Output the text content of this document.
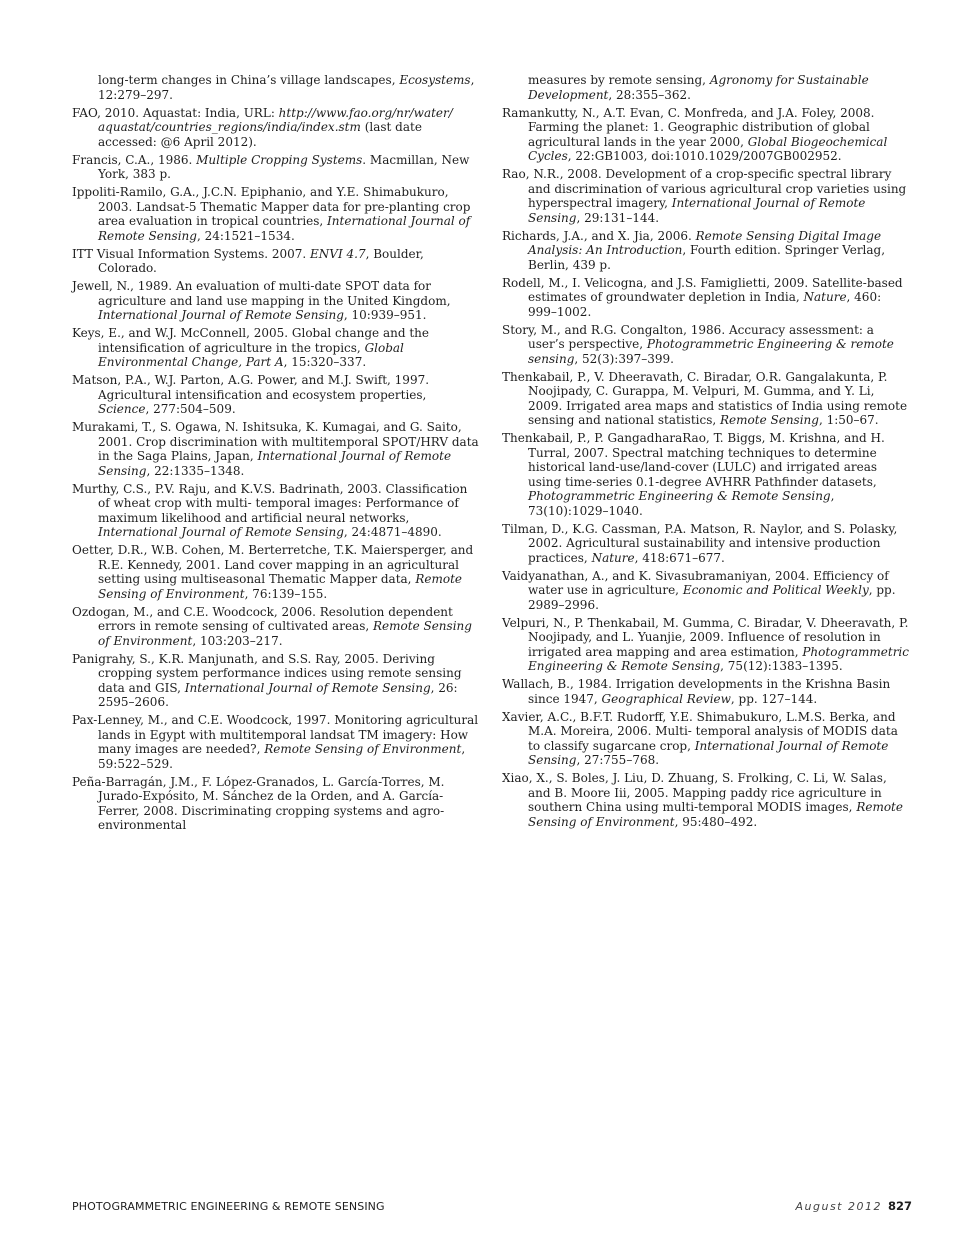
long-term changes in China’s village landscapes, Ecosystems, 12:279–297.

FAO, 2010. Aquastat: India, URL: http://www.fao.org/nr/water/ aquastat/countries_regions/india/index.stm (last date accessed: @6 April 2012).

Francis, C.A., 1986. Multiple Cropping Systems. Macmillan, New York, 383 p.

Ippoliti-Ramilo, G.A., J.C.N. Epiphanio, and Y.E. Shimabukuro, 2003. Landsat-5 Thematic Mapper data for pre-planting crop area evaluation in tropical countries, International Journal of Remote Sensing, 24:1521–1534.

ITT Visual Information Systems. 2007. ENVI 4.7, Boulder, Colorado.

Jewell, N., 1989. An evaluation of multi-date SPOT data for agriculture and land use mapping in the United Kingdom, International Journal of Remote Sensing, 10:939–951.

Keys, E., and W.J. McConnell, 2005. Global change and the intensification of agriculture in the tropics, Global Environmental Change, Part A, 15:320–337.

Matson, P.A., W.J. Parton, A.G. Power, and M.J. Swift, 1997. Agricultural intensification and ecosystem properties, Science, 277:504–509.

Murakami, T., S. Ogawa, N. Ishitsuka, K. Kumagai, and G. Saito, 2001. Crop discrimination with multitemporal SPOT/HRV data in the Saga Plains, Japan, International Journal of Remote Sensing, 22:1335–1348.

Murthy, C.S., P.V. Raju, and K.V.S. Badrinath, 2003. Classification of wheat crop with multi- temporal images: Performance of maximum likelihood and artificial neural networks, International Journal of Remote Sensing, 24:4871–4890.

Oetter, D.R., W.B. Cohen, M. Berterretche, T.K. Maiersperger, and R.E. Kennedy, 2001. Land cover mapping in an agricultural setting using multiseasonal Thematic Mapper data, Remote Sensing of Environment, 76:139–155.

Ozdogan, M., and C.E. Woodcock, 2006. Resolution dependent errors in remote sensing of cultivated areas, Remote Sensing of Environment, 103:203–217.

Panigrahy, S., K.R. Manjunath, and S.S. Ray, 2005. Deriving cropping system performance indices using remote sensing data and GIS, International Journal of Remote Sensing, 26: 2595–2606.

Pax-Lenney, M., and C.E. Woodcock, 1997. Monitoring agricultural lands in Egypt with multitemporal landsat TM imagery: How many images are needed?, Remote Sensing of Environment, 59:522–529.

Peña-Barragán, J.M., F. López-Granados, L. García-Torres, M. Jurado-Expósito, M. Sánchez de la Orden, and A. García-Ferrer, 2008. Discriminating cropping systems and agro- environmental

measures by remote sensing, Agronomy for Sustainable Development, 28:355–362.

Ramankutty, N., A.T. Evan, C. Monfreda, and J.A. Foley, 2008. Farming the planet: 1. Geographic distribution of global agricultural lands in the year 2000, Global Biogeochemical Cycles, 22:GB1003, doi:1010.1029/2007GB002952.

Rao, N.R., 2008. Development of a crop-specific spectral library and discrimination of various agricultural crop varieties using hyperspectral imagery, International Journal of Remote Sensing, 29:131–144.

Richards, J.A., and X. Jia, 2006. Remote Sensing Digital Image Analysis: An Introduction, Fourth edition. Springer Verlag, Berlin, 439 p.

Rodell, M., I. Velicogna, and J.S. Famiglietti, 2009. Satellite-based estimates of groundwater depletion in India, Nature, 460: 999–1002.

Story, M., and R.G. Congalton, 1986. Accuracy assessment: a user’s perspective, Photogrammetric Engineering & remote sensing, 52(3):397–399.

Thenkabail, P., V. Dheeravath, C. Biradar, O.R. Gangalakunta, P. Noojipady, C. Gurappa, M. Velpuri, M. Gumma, and Y. Li, 2009. Irrigated area maps and statistics of India using remote sensing and national statistics, Remote Sensing, 1:50–67.

Thenkabail, P., P. GangadharaRao, T. Biggs, M. Krishna, and H. Turral, 2007. Spectral matching techniques to determine historical land-use/land-cover (LULC) and irrigated areas using time-series 0.1-degree AVHRR Pathfinder datasets, Photogrammetric Engineering & Remote Sensing, 73(10):1029–1040.

Tilman, D., K.G. Cassman, P.A. Matson, R. Naylor, and S. Polasky, 2002. Agricultural sustainability and intensive production practices, Nature, 418:671–677.

Vaidyanathan, A., and K. Sivasubramaniyan, 2004. Efficiency of water use in agriculture, Economic and Political Weekly, pp. 2989–2996.

Velpuri, N., P. Thenkabail, M. Gumma, C. Biradar, V. Dheeravath, P. Noojipady, and L. Yuanjie, 2009. Influence of resolution in irrigated area mapping and area estimation, Photogrammetric Engineering & Remote Sensing, 75(12):1383–1395.

Wallach, B., 1984. Irrigation developments in the Krishna Basin since 1947, Geographical Review, pp. 127–144.

Xavier, A.C., B.F.T. Rudorff, Y.E. Shimabukuro, L.M.S. Berka, and M.A. Moreira, 2006. Multi- temporal analysis of MODIS data to classify sugarcane crop, International Journal of Remote Sensing, 27:755–768.

Xiao, X., S. Boles, J. Liu, D. Zhuang, S. Frolking, C. Li, W. Salas, and B. Moore Iii, 2005. Mapping paddy rice agriculture in southern China using multi-temporal MODIS images, Remote Sensing of Environment, 95:480–492.

PHOTOGRAMMETRIC ENGINEERING & REMOTE SENSING	August 2012 827
